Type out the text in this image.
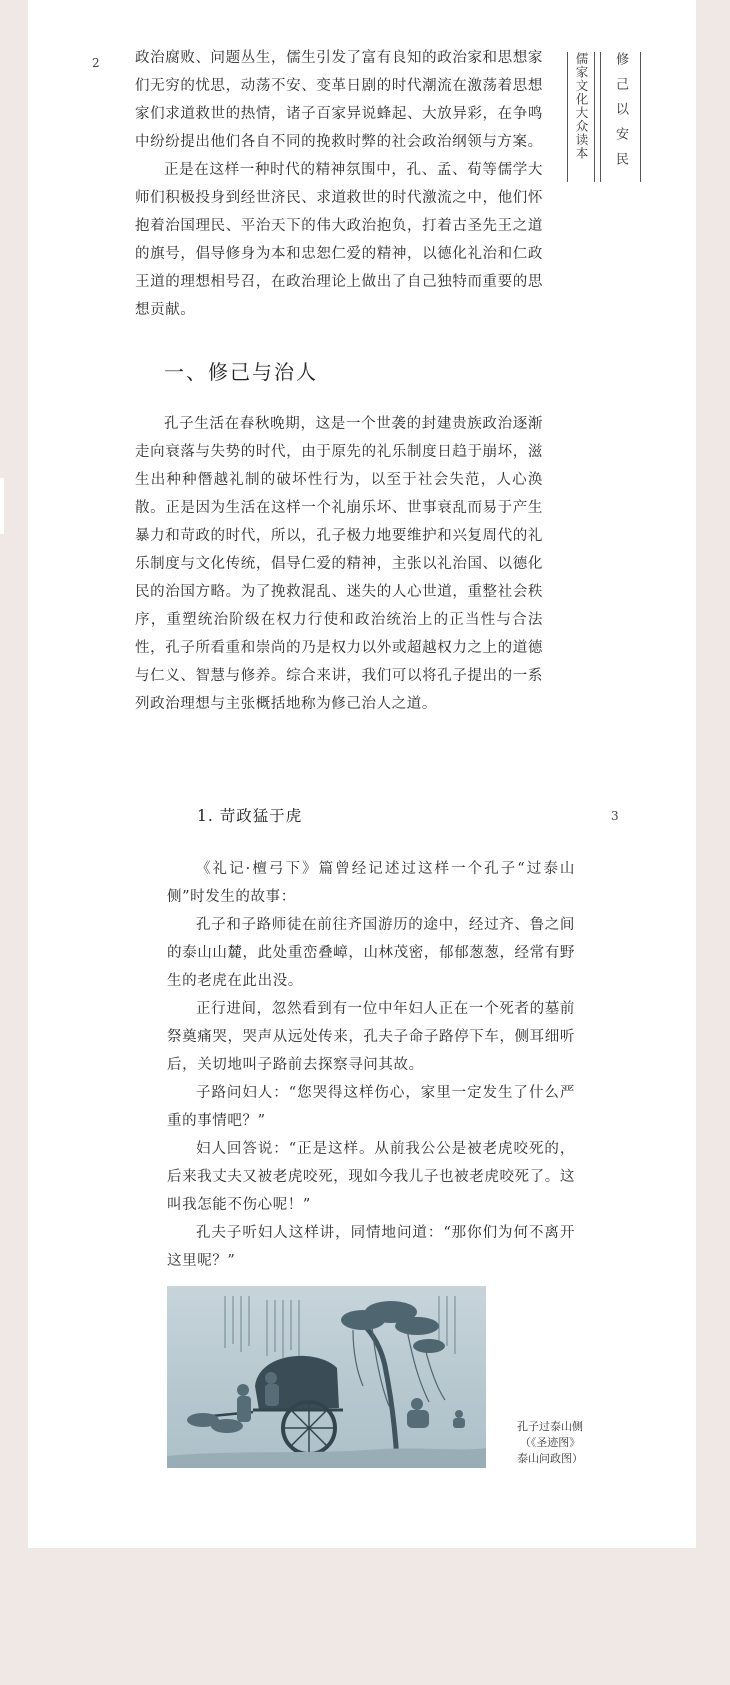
2 政治腐败、问题丛生，儒生引发了富有良知的政治家和思想家们无穷的忧思，动荡不安、变革日剧的时代潮流在激荡着思想家们求道救世的热情，诸子百家异说蜂起、大放异彩，在争鸣中纷纷提出他们各自不同的挽救时弊的社会政治纲领与方案。

正是在这样一种时代的精神氛围中，孔、孟、荀等儒学大师们积极投身到经世济民、求道救世的时代激流之中，他们怀抱着治国理民、平治天下的伟大政治抱负，打着古圣先王之道的旗号，倡导修身为本和忠恕仁爱的精神，以德化礼治和仁政王道的理想相号召，在政治理论上做出了自己独特而重要的思想贡献。

儒家文化大众读本 修己以安民
一、修己与治人

孔子生活在春秋晚期，这是一个世袭的封建贵族政治逐渐走向衰落与失势的时代，由于原先的礼乐制度日趋于崩坏，滋生出种种僭越礼制的破坏性行为，以至于社会失范，人心涣散。正是因为生活在这样一个礼崩乐坏、世事衰乱而易于产生暴力和苛政的时代，所以，孔子极力地要维护和兴复周代的礼乐制度与文化传统，倡导仁爱的精神，主张以礼治国、以德化民的治国方略。为了挽救混乱、迷失的人心世道，重整社会秩序，重塑统治阶级在权力行使和政治统治上的正当性与合法性，孔子所看重和崇尚的乃是权力以外或超越权力之上的道德与仁义、智慧与修养。综合来讲，我们可以将孔子提出的一系列政治理想与主张概括地称为修己治人之道。

1. 苛政猛于虎	3

《礼记·檀弓下》篇曾经记述过这样一个孔子“过泰山侧”时发生的故事：

孔子和子路师徒在前往齐国游历的途中，经过齐、鲁之间的泰山山麓，此处重峦叠嶂，山林茂密，郁郁葱葱，经常有野生的老虎在此出没。

正行进间，忽然看到有一位中年妇人正在一个死者的墓前祭奠痛哭，哭声从远处传来，孔夫子命子路停下车，侧耳细听后，关切地叫子路前去探察寻问其故。

子路问妇人：“您哭得这样伤心，家里一定发生了什么严重的事情吧？”

妇人回答说：“正是这样。从前我公公是被老虎咬死的，后来我丈夫又被老虎咬死，现如今我儿子也被老虎咬死了。这叫我怎能不伤心呢！”

孔夫子听妇人这样讲，同情地问道：“那你们为何不离开这里呢？”

孔子过泰山侧
（《圣迹图》
泰山问政图）
